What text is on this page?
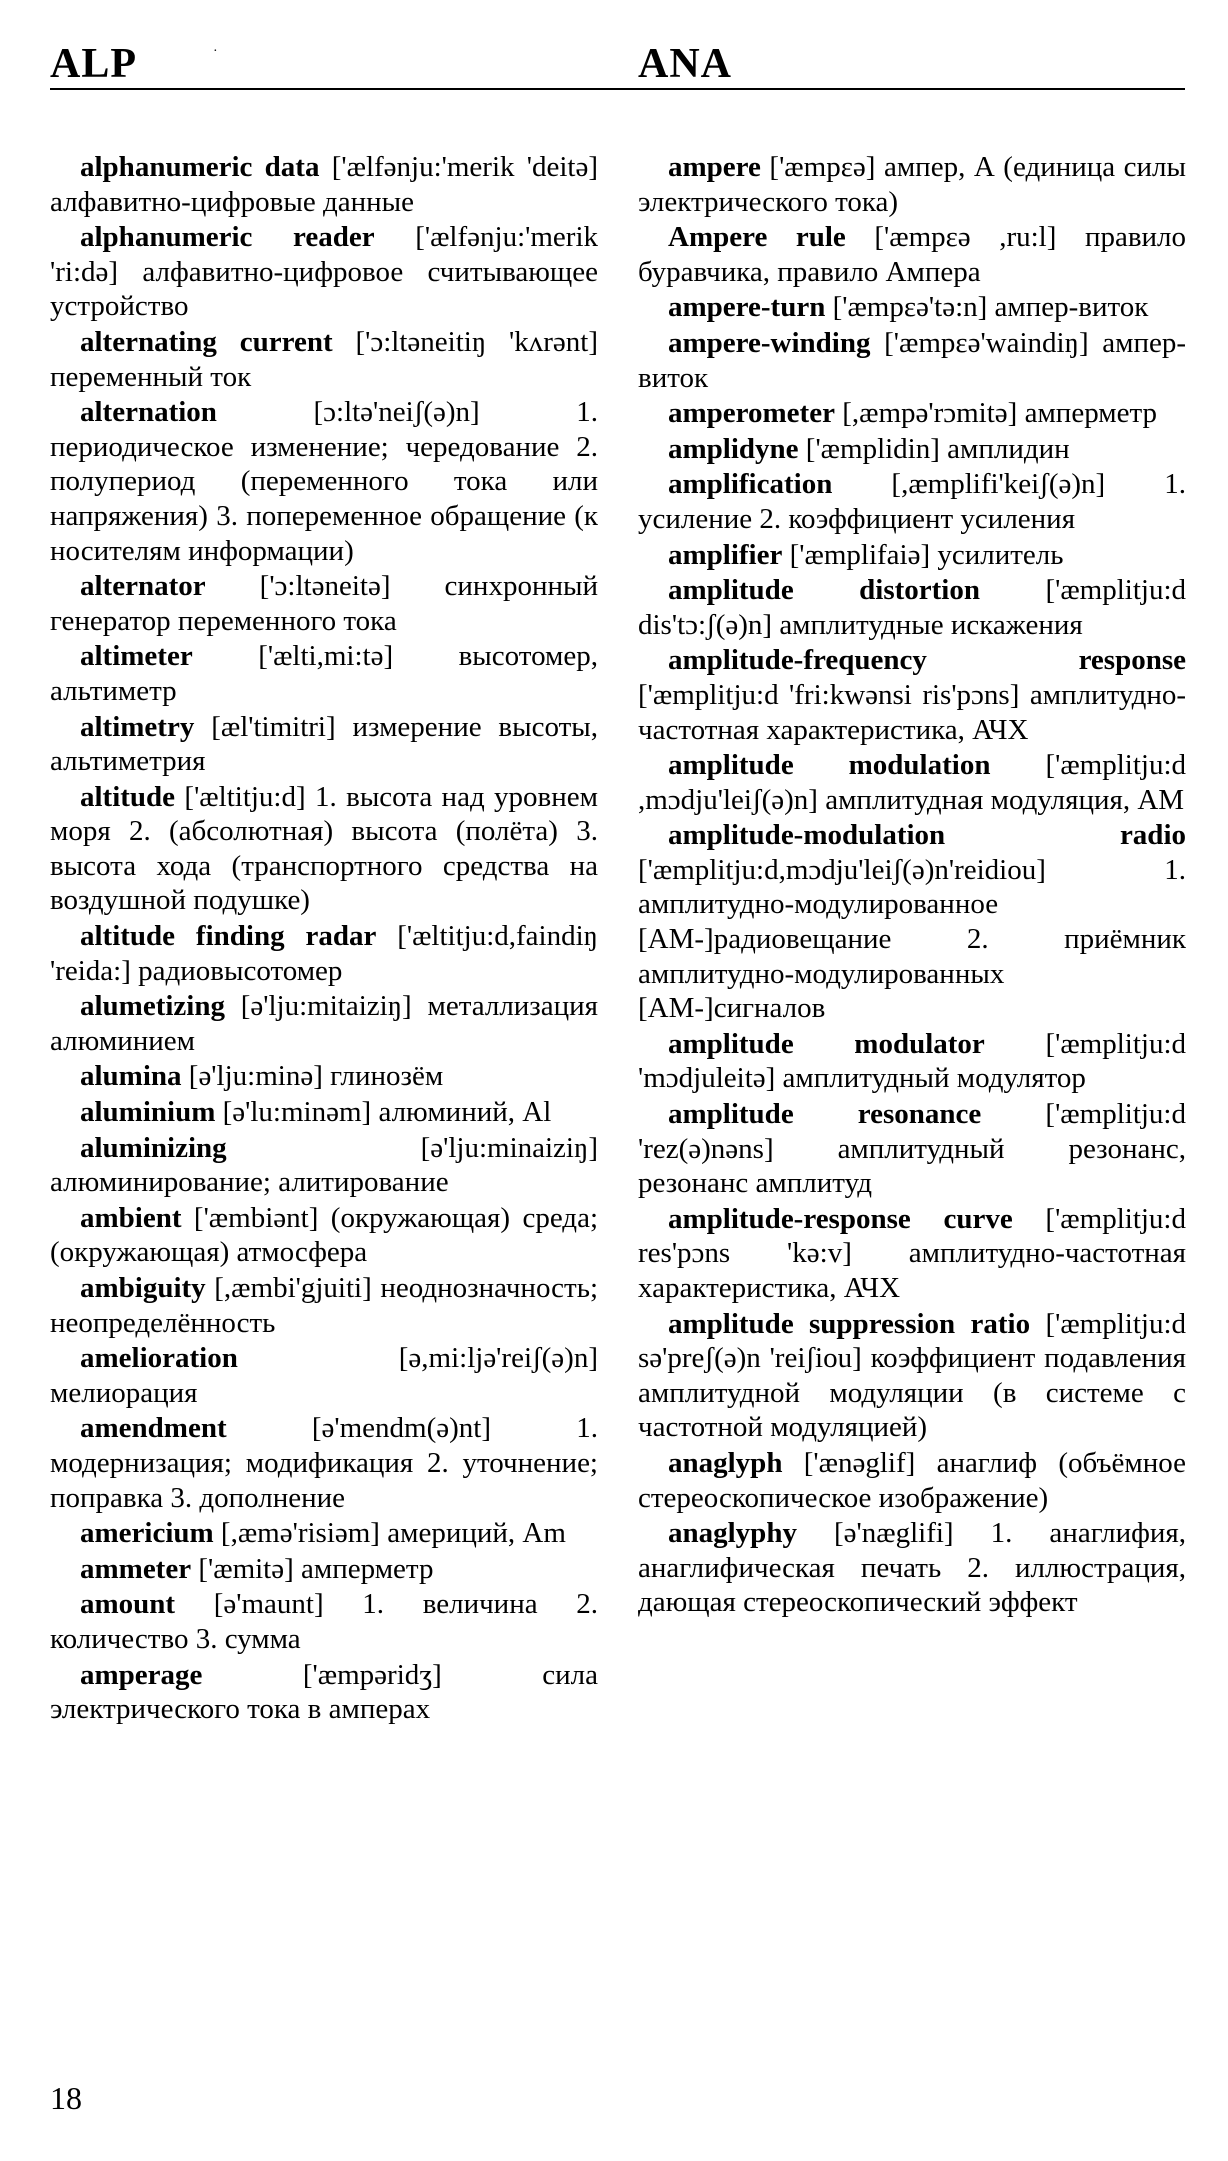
ALP	·	ANA

alphanumeric data ['ælfənju:'merik 'deitə] алфавитно-цифровые данные

alphanumeric reader ['ælfənju:'merik 'ri:də] алфавитно-цифровое считывающее устройство

alternating current ['ɔ:ltəneitiŋ 'kʌrənt] переменный ток

alternation	[ɔ:ltə'neiʃ(ə)n]	1. периодическое изменение; чередование 2. полупериод (переменного тока или напряжения) 3. попеременное обращение (к носителям информации)

alternator ['ɔ:ltəneitə] синхронный генератор переменного тока

altimeter ['ælti,mi:tə] высотомер, альтиметр

altimetry [æl'timitri] измерение высоты, альтиметрия

altitude ['æltitju:d] 1. высота над уровнем моря 2. (абсолютная) высота (полёта) 3. высота хода (транспортного средства на воздушной подушке)

altitude finding radar ['æltitju:d,faindiŋ 'reida:] радиовысотомер

alumetizing [ə'lju:mitaiziŋ] металлизация алюминием

alumina [ə'lju:minə] глинозём

aluminium [ə'lu:minəm] алюминий, Al

aluminizing	[ə'lju:minaiziŋ] алюминирование; алитирование

ambient ['æmbiənt] (окружающая) среда; (окружающая) атмосфера

ambiguity [,æmbi'gjuiti] неоднозначность; неопределённость

amelioration	[ə,mi:ljə'reiʃ(ə)n] мелиорация

amendment	[ə'mendm(ə)nt]	1. модернизация; модификация 2. уточнение; поправка 3. дополнение

americium [,æmə'risiəm] америций, Am

ammeter ['æmitə] амперметр

amount [ə'maunt] 1. величина 2. количество 3. сумма

amperage	['æmpəridʒ]	сила электрического тока в амперах

ampere ['æmpεə] ампер, А (единица силы электрического тока)

Ampere rule ['æmpεə ,ru:l] правило буравчика, правило Ампера

ampere-turn ['æmpεə'tə:n] ампер-виток

ampere-winding ['æmpεə'waindiŋ] ампер-виток

amperometer [,æmpə'rɔmitə] амперметр

amplidyne ['æmplidin] амплидин

amplification [,æmplifi'keiʃ(ə)n] 1. усиление 2. коэффициент усиления

amplifier ['æmplifaiə] усилитель

amplitude distortion ['æmplitju:d dis'tɔ:ʃ(ə)n] амплитудные искажения

amplitude-frequency response ['æmplitju:d 'fri:kwənsi ris'pɔns] амплитудно-частотная характеристика, АЧХ

amplitude modulation ['æmplitju:d ,mɔdju'leiʃ(ə)n] амплитудная модуляция, AM

amplitude-modulation radio ['æmplitju:d,mɔdju'leiʃ(ə)n'reidiou]	1. амплитудно-модулированное [АМ-]радиовещание 2. приёмник амплитудно-модулированных [АМ-]сигналов

amplitude modulator ['æmplitju:d 'mɔdjuleitə] амплитудный модулятор

amplitude resonance ['æmplitju:d 'rez(ə)nəns] амплитудный резонанс, резонанс амплитуд

amplitude-response curve ['æmplitju:d res'pɔns 'kə:v] амплитудно-частотная характеристика, АЧХ

amplitude suppression ratio ['æmplitju:d sə'preʃ(ə)n 'reiʃiou] коэффициент подавления амплитудной модуляции (в системе с частотной модуляцией)

anaglyph ['ænəglif] анаглиф (объёмное стереоскопическое изображение)

anaglyphy [ə'næglifi] 1. анаглифия, анаглифическая печать 2. иллюстрация, дающая стереоскопический эффект

18
